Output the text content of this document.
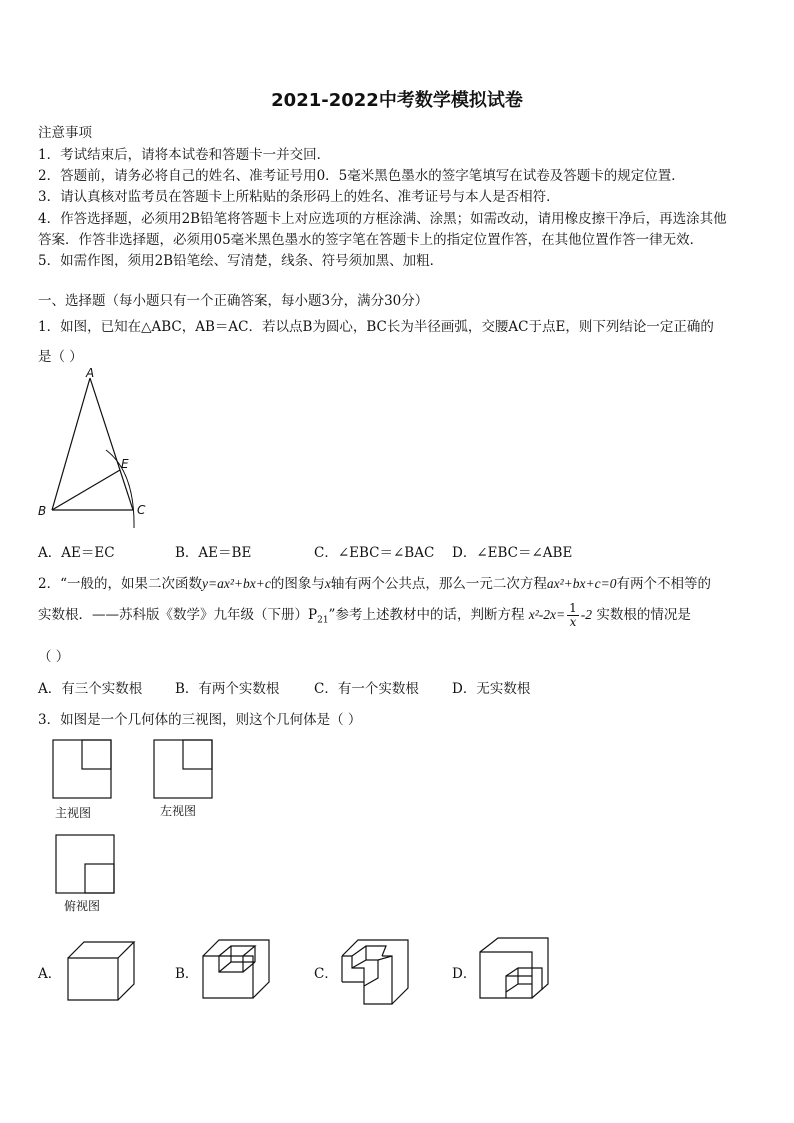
2021-2022中考数学模拟试卷
注意事项
1．考试结束后，请将本试卷和答题卡一并交回．
2．答题前，请务必将自己的姓名、准考证号用0．5毫米黑色墨水的签字笔填写在试卷及答题卡的规定位置．
3．请认真核对监考员在答题卡上所粘贴的条形码上的姓名、准考证号与本人是否相符．
4．作答选择题，必须用2B铅笔将答题卡上对应选项的方框涂满、涂黑；如需改动，请用橡皮擦干净后，再选涂其他
答案．作答非选择题，必须用05毫米黑色墨水的签字笔在答题卡上的指定位置作答，在其他位置作答一律无效．
5．如需作图，须用2B铅笔绘、写清楚，线条、符号须加黑、加粗．
一、选择题（每小题只有一个正确答案，每小题3分，满分30分）
1．如图，已知在△ABC，AB＝AC．若以点B为圆心，BC长为半径画弧，交腰AC于点E，则下列结论一定正确的
是（ ）
A
E
B	C
A．AE＝EC	B．AE＝BE	C．∠EBC＝∠BAC D．∠EBC＝∠ABE
2．“一般的，如果二次函数y=ax²+bx+c的图象与x轴有两个公共点，那么一元二次方程ax²+bx+c=0有两个不相等的
实数根．——苏科版《数学》九年级（下册）$P_{21}$”参考上述教材中的话，判断方程 $x^2-2x= \frac{1}{x} -2$ 实数根的情况是
（ ）
A．有三个实数根 B．有两个实数根	C．有一个实数根 D．无实数根
3．如图是一个几何体的三视图，则这个几何体是（ ）
主视图	左视图
俯视图
A．	B．	C．	D．
